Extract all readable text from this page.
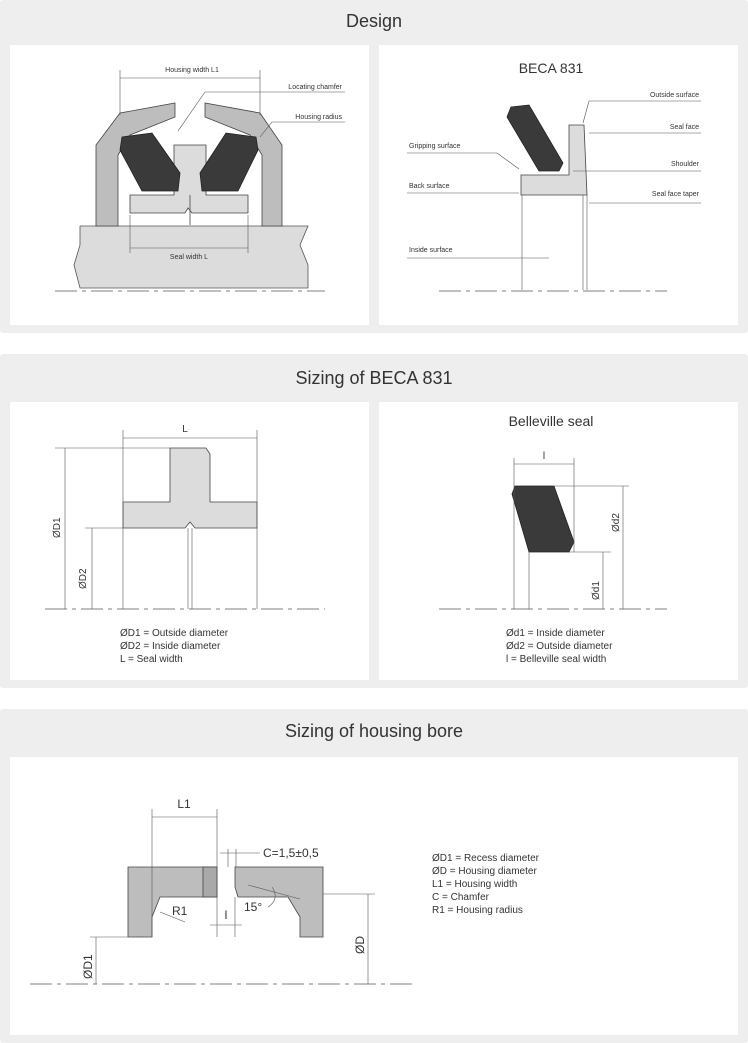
Design
Housing width L1
Seal width L
Locating chamfer
Housing radius
BECA 831
Outside surface
Seal face
Shoulder
Seal face taper
Gripping surface
Back surface
Inside surface
Sizing of BECA 831
L
ØD1
ØD2
ØD1 = Outside diameter
ØD2 = Inside diameter
L = Seal width
Belleville seal
l
Ød2
Ød1
Ød1 = Inside diameter
Ød2 = Outside diameter
l = Belleville seal width
Sizing of housing bore
L1
C=1,5±0,5
R1	15°
l
ØD1
ØD
ØD1 = Recess diameter
ØD = Housing diameter
L1 = Housing width
C = Chamfer
R1 = Housing radius
